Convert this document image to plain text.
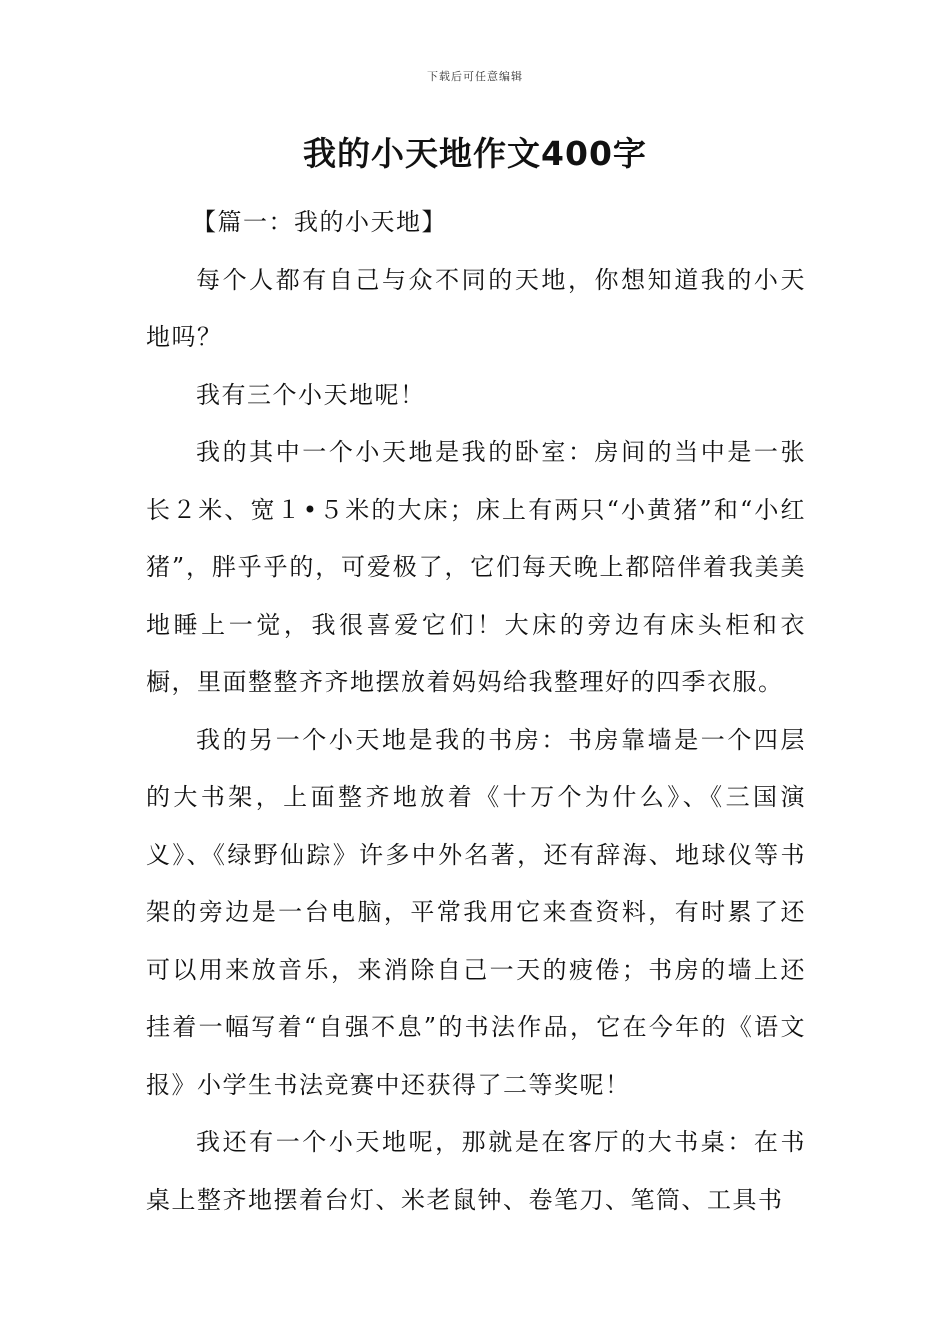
下载后可任意编辑
我的小天地作文400字

【篇一：我的小天地】

每个人都有自己与众不同的天地，你想知道我的小天地吗？

我有三个小天地呢！

我的其中一个小天地是我的卧室：房间的当中是一张长２米、宽１•５米的大床；床上有两只“小黄猪”和“小红猪”，胖乎乎的，可爱极了，它们每天晚上都陪伴着我美美地睡上一觉，我很喜爱它们！大床的旁边有床头柜和衣橱，里面整整齐齐地摆放着妈妈给我整理好的四季衣服。

我的另一个小天地是我的书房：书房靠墙是一个四层的大书架，上面整齐地放着《十万个为什么》、《三国演义》、《绿野仙踪》许多中外名著，还有辞海、地球仪等书架的旁边是一台电脑，平常我用它来查资料，有时累了还可以用来放音乐，来消除自己一天的疲倦；书房的墙上还挂着一幅写着“自强不息”的书法作品，它在今年的《语文报》小学生书法竞赛中还获得了二等奖呢！

我还有一个小天地呢，那就是在客厅的大书桌：在书桌上整齐地摆着台灯、米老鼠钟、卷笔刀、笔筒、工具书
